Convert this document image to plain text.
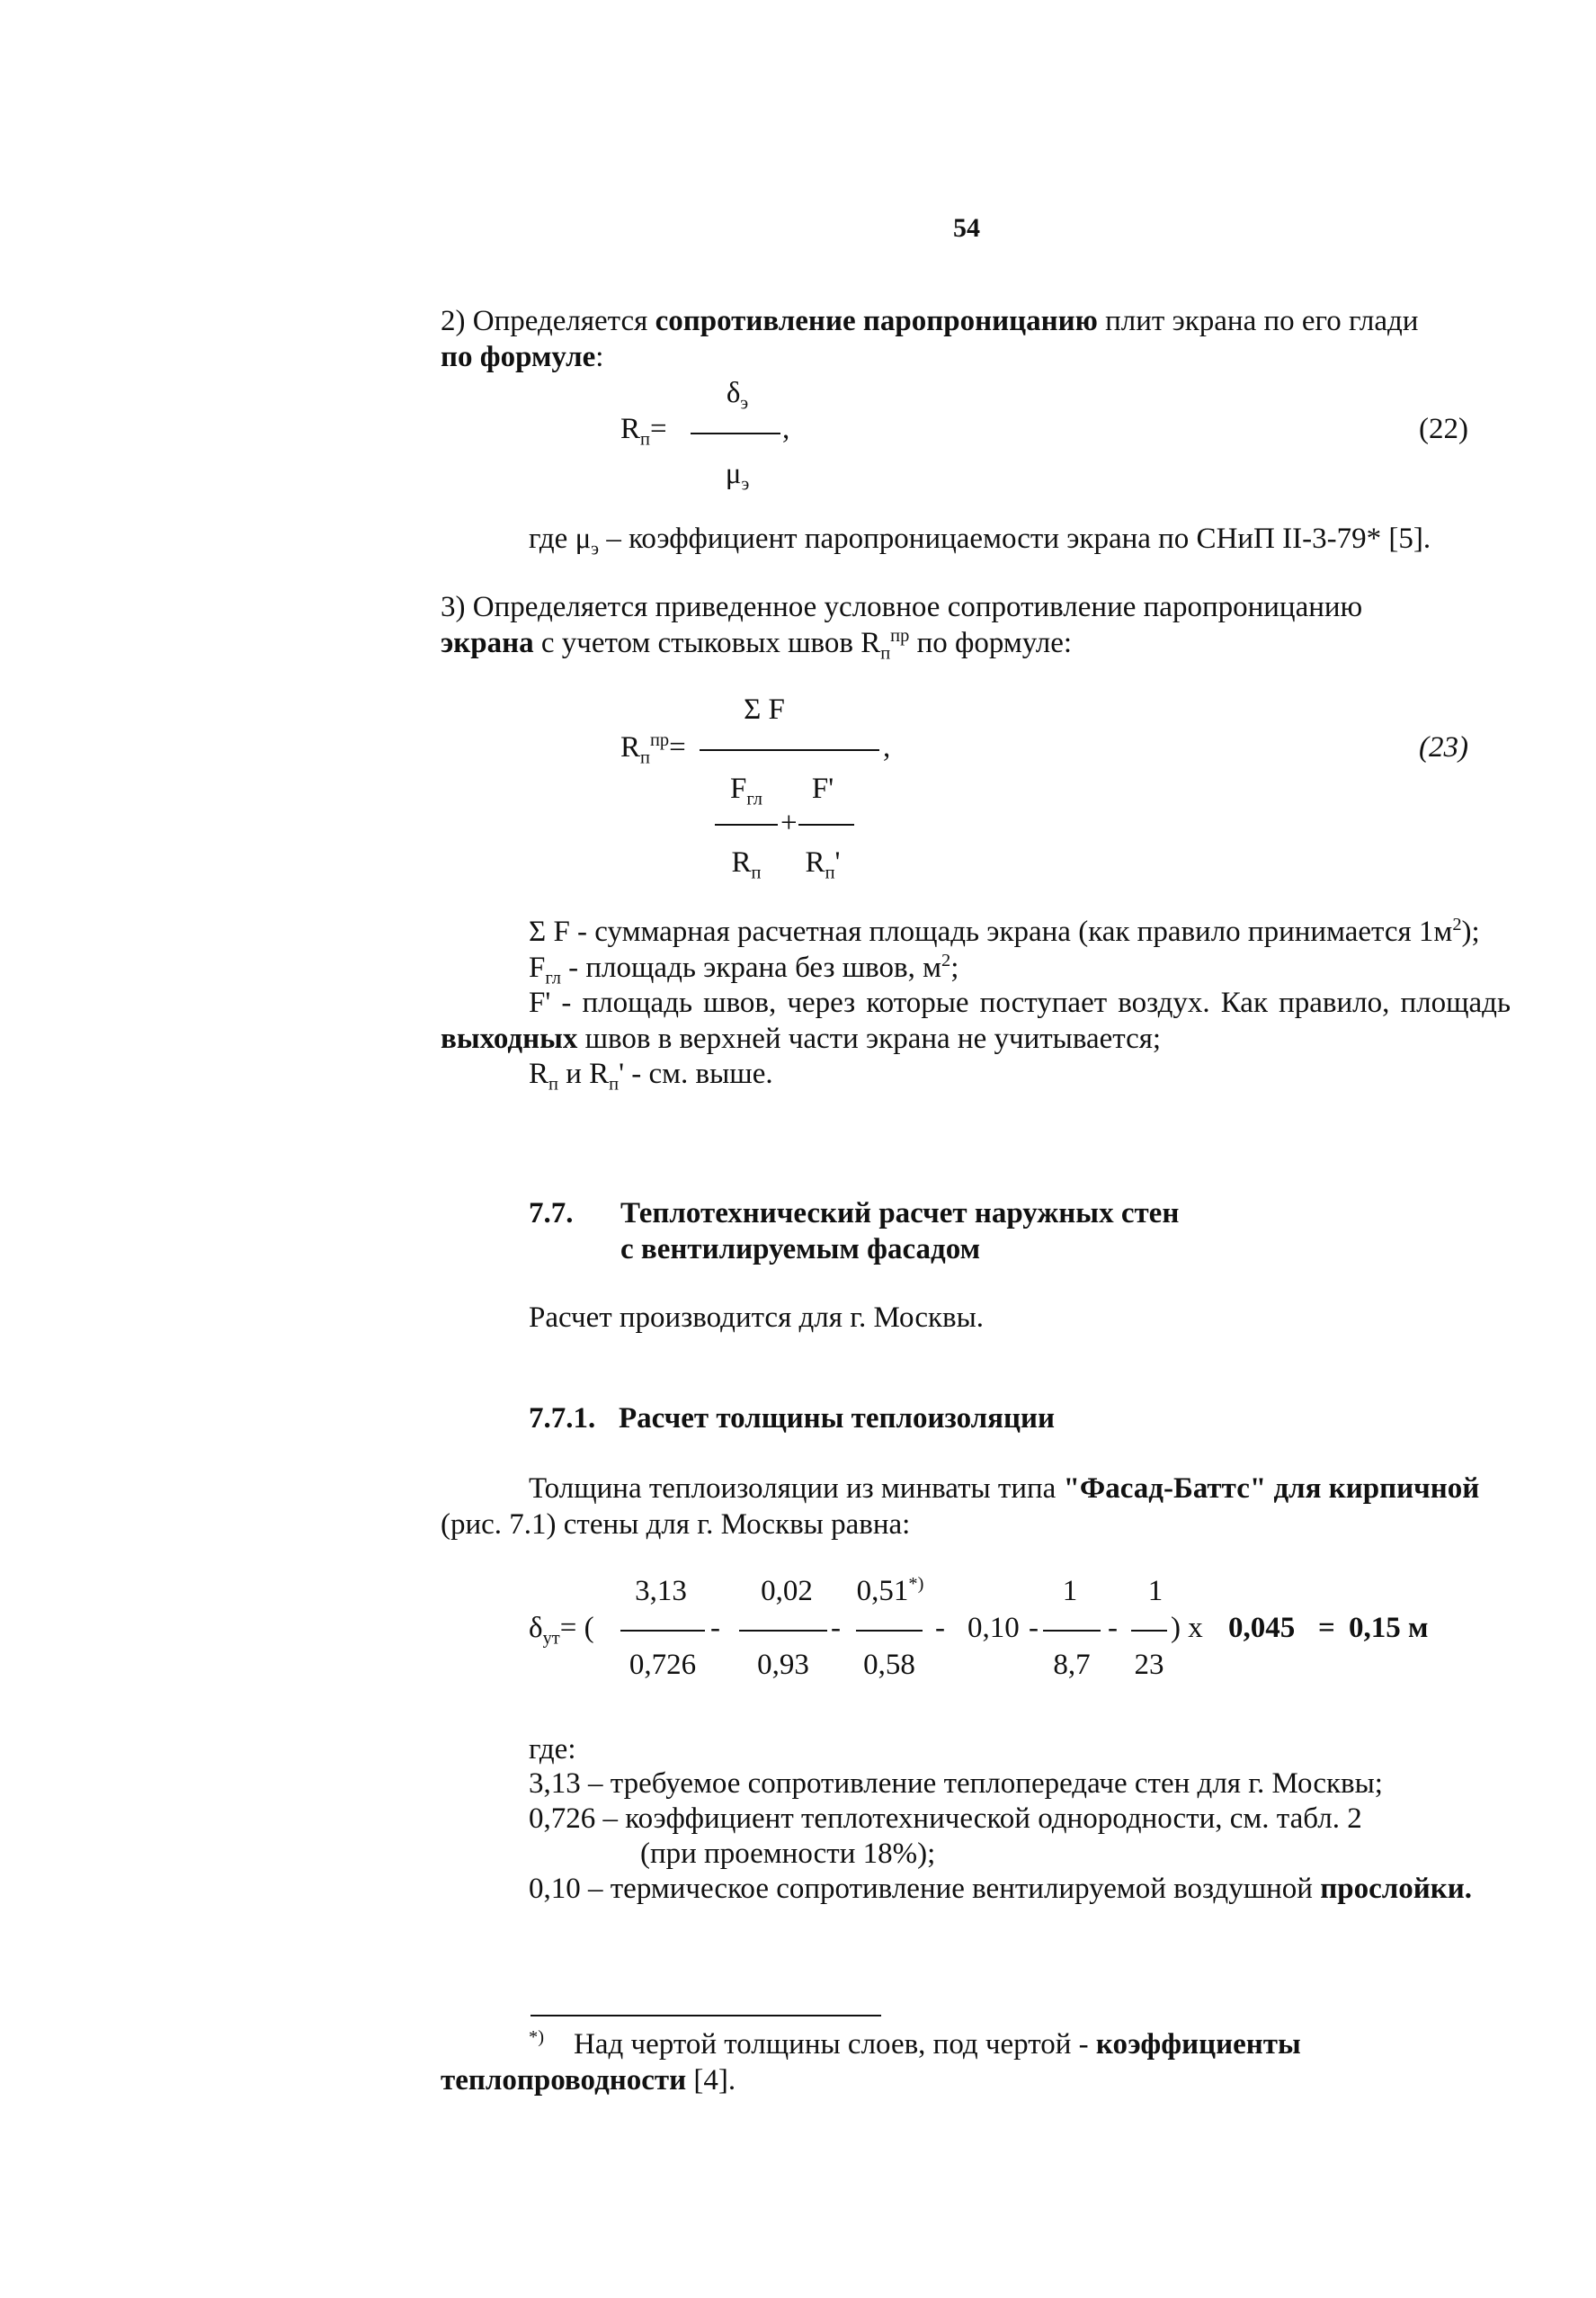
54

2) Определяется сопротивление паропроницанию плит экрана по его глади
по формуле:

$\delta_э$
$R_п=$	,	(22)
$\mu_э$
где $\mu_э$ – коэффициент паропроницаемости экрана по СНиП II-3-79* [5].

3) Определяется приведенное условное сопротивление паропроницанию
экрана с учетом стыковых швов $R_п^{пр}$ по формуле:

Σ F
$R_п^{пр}=$	,	(23)
$F_{гл}$	F'
+
$R_п$	$R_п'$

Σ F - суммарная расчетная площадь экрана (как правило принимается $1м^2$);

$F_{гл}$ - площадь экрана без швов, $м^2$;

F' - площадь швов, через которые поступает воздух. Как правило, площадь выходных швов в верхней части экрана не учитывается;

$R_п$ и $R_п'$ - см. выше.

7.7. Теплотехнический расчет наружных стен
с вентилируемым фасадом
Расчет производится для г. Москвы.
7.7.1. Расчет толщины теплоизоляции

Толщина теплоизоляции из минваты типа "Фасад-Баттс" для кирпичной
(рис. 7.1) стены для г. Москвы равна:

3,13	0,02	0,51*)	1	1
$\delta_{ут}=$ (	-	-	- 0,10 - - ) х 0,045 = 0,15 м
0,726	0,93	0,58	8,7	23
где:
3,13 – требуемое сопротивление теплопередаче стен для г. Москвы;
0,726 – коэффициент теплотехнической однородности, см. табл. 2
(при проемности 18%);
0,10 – термическое сопротивление вентилируемой воздушной прослойки.

*) Над чертой толщины слоев, под чертой - коэффициенты
теплопроводности [4].
